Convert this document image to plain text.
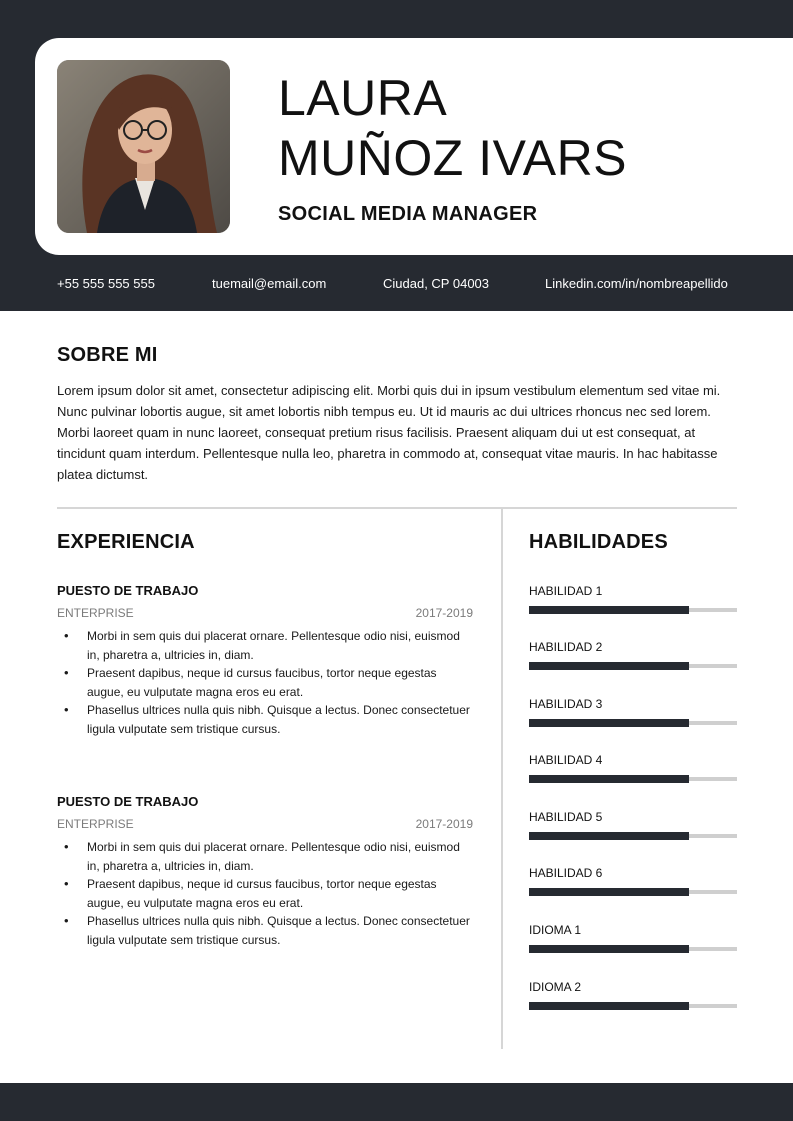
LAURA
MUÑOZ IVARS
SOCIAL MEDIA MANAGER
+55 555 555 555	tuemail@email.com	Ciudad, CP 04003	Linkedin.com/in/nombreapellido
SOBRE MI
Lorem ipsum dolor sit amet, consectetur adipiscing elit. Morbi quis dui in ipsum vestibulum elementum sed vitae mi. Nunc pulvinar lobortis augue, sit amet lobortis nibh tempus eu. Ut id mauris ac dui ultrices rhoncus nec sed lorem. Morbi laoreet quam in nunc laoreet, consequat pretium risus facilisis. Praesent aliquam dui ut est consequat, at tincidunt quam interdum. Pellentesque nulla leo, pharetra in commodo at, consequat vitae mauris. In hac habitasse platea dictumst.
EXPERIENCIA
PUESTO DE TRABAJO
ENTERPRISE	2017-2019
• Morbi in sem quis dui placerat ornare. Pellentesque odio nisi, euismod in, pharetra a, ultricies in, diam.
• Praesent dapibus, neque id cursus faucibus, tortor neque egestas augue, eu vulputate magna eros eu erat.
• Phasellus ultrices nulla quis nibh. Quisque a lectus. Donec consectetuer ligula vulputate sem tristique cursus.
PUESTO DE TRABAJO
ENTERPRISE	2017-2019
• Morbi in sem quis dui placerat ornare. Pellentesque odio nisi, euismod in, pharetra a, ultricies in, diam.
• Praesent dapibus, neque id cursus faucibus, tortor neque egestas augue, eu vulputate magna eros eu erat.
• Phasellus ultrices nulla quis nibh. Quisque a lectus. Donec consectetuer ligula vulputate sem tristique cursus.
HABILIDADES
HABILIDAD 1
HABILIDAD 2
HABILIDAD 3
HABILIDAD 4
HABILIDAD 5
HABILIDAD 6
IDIOMA 1
IDIOMA 2
